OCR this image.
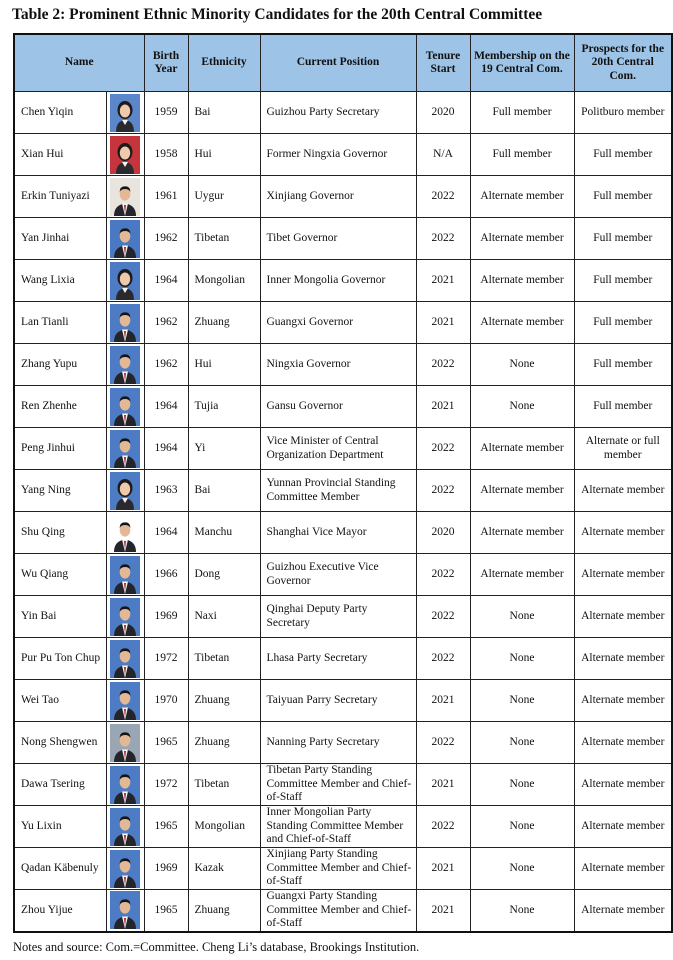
Table 2: Prominent Ethnic Minority Candidates for the 20th Central Committee
Name		Birth Year	Ethnicity	Current Position	Tenure Start	Membership on the 19 Central Com.	Prospects for the 20th Central Com.
Chen Yiqin		1959	Bai	Guizhou Party Secretary	2020	Full member	Politburo member
Xian Hui		1958	Hui	Former Ningxia Governor	N/A	Full member	Full member
Erkin Tuniyazi		1961	Uygur	Xinjiang Governor	2022	Alternate member	Full member
Yan Jinhai		1962	Tibetan	Tibet Governor	2022	Alternate member	Full member
Wang Lixia		1964	Mongolian	Inner Mongolia Governor	2021	Alternate member	Full member
Lan Tianli		1962	Zhuang	Guangxi Governor	2021	Alternate member	Full member
Zhang Yupu		1962	Hui	Ningxia Governor	2022	None	Full member
Ren Zhenhe		1964	Tujia	Gansu Governor	2021	None	Full member
Peng Jinhui		1964	Yi	Vice Minister of Central Organization Department	2022	Alternate member	Alternate or full member
Yang Ning		1963	Bai	Yunnan Provincial Standing Committee Member	2022	Alternate member	Alternate member
Shu Qing		1964	Manchu	Shanghai Vice Mayor	2020	Alternate member	Alternate member
Wu Qiang		1966	Dong	Guizhou Executive Vice Governor	2022	Alternate member	Alternate member
Yin Bai		1969	Naxi	Qinghai Deputy Party Secretary	2022	None	Alternate member
Pur Pu Ton Chup		1972	Tibetan	Lhasa Party Secretary	2022	None	Alternate member
Wei Tao		1970	Zhuang	Taiyuan Parry Secretary	2021	None	Alternate member
Nong Shengwen		1965	Zhuang	Nanning Party Secretary	2022	None	Alternate member
Dawa Tsering		1972	Tibetan	Tibetan Party Standing Committee Member and Chief-of-Staff	2021	None	Alternate member
Yu Lixin		1965	Mongolian	Inner Mongolian Party Standing Committee Member and Chief-of-Staff	2022	None	Alternate member
Qadan Käbenuly		1969	Kazak	Xinjiang Party Standing Committee Member and Chief-of-Staff	2021	None	Alternate member
Zhou Yijue		1965	Zhuang	Guangxi Party Standing Committee Member and Chief-of-Staff	2021	None	Alternate member
Notes and source: Com.=Committee. Cheng Li’s database, Brookings Institution.
